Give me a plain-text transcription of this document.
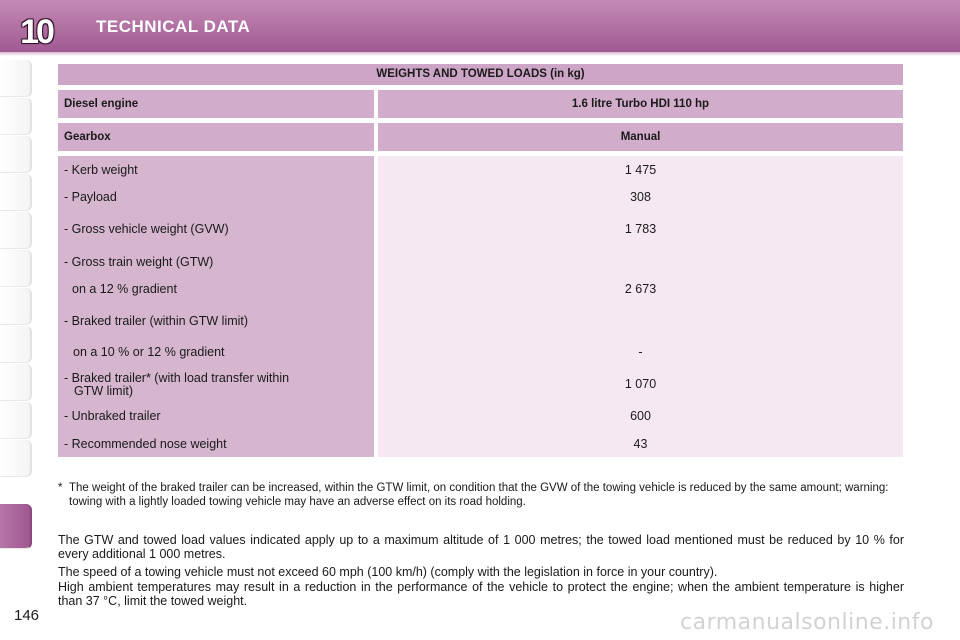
10	TECHNICAL DATA
WEIGHTS AND TOWED LOADS (in kg)
Diesel engine	1.6 litre Turbo HDI 110 hp
Gearbox	Manual
- Kerb weight	1 475
- Payload	308
- Gross vehicle weight (GVW)	1 783
- Gross train weight (GTW)
on a 12 % gradient	2 673
- Braked trailer (within GTW limit)
on a 10 % or 12 % gradient	-
- Braked trailer* (with load transfer within
GTW limit)	1 070
- Unbraked trailer	600
- Recommended nose weight	43
* The weight of the braked trailer can be increased, within the GTW limit, on condition that the GVW of the towing vehicle is reduced by the same amount; warning: towing with a lightly loaded towing vehicle may have an adverse effect on its road holding.
The GTW and towed load values indicated apply up to a maximum altitude of 1 000 metres; the towed load mentioned must be reduced by 10 % for every additional 1 000 metres.
The speed of a towing vehicle must not exceed 60 mph (100 km/h) (comply with the legislation in force in your country).
High ambient temperatures may result in a reduction in the performance of the vehicle to protect the engine; when the ambient temperature is higher than 37 °C, limit the towed weight.
146	carmanualsonline.info
